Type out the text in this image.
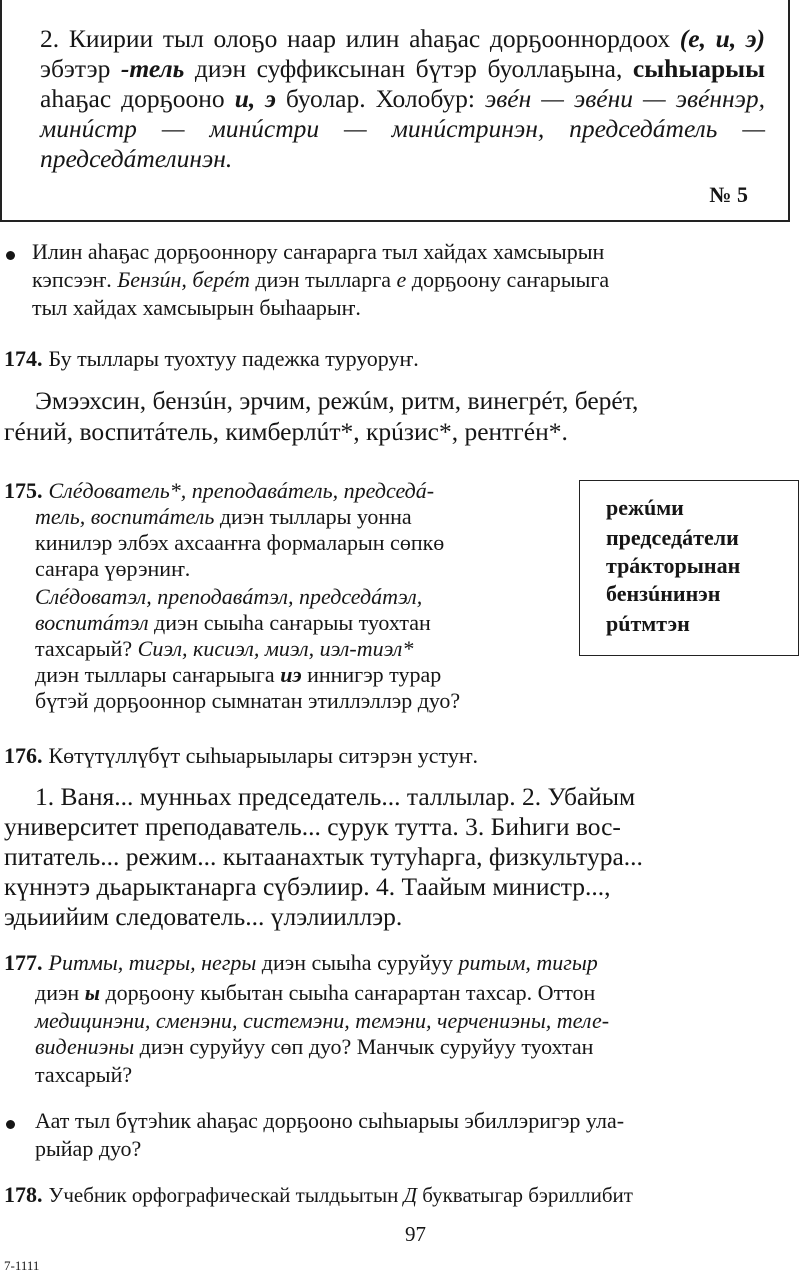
2. Киирии тыл олоҕо наар илин аһаҕас дорҕооннордоох (е, и, э) эбэтэр -тель диэн суффиксынан бүтэр буоллаҕына, сыһыарыы аһаҕас дорҕооно и, э буолар. Холобур: эвéн — эвéни — эвéннэр, минúстр — минúстри — минúстринэн, председáтель — председáтелинэн.
№ 5
Илин аһаҕас дорҕооннору саҥарарга тыл хайдах хамсыырын
кэпсээҥ. Бензúн, берéт диэн тылларга е дорҕоону саҥарыыга
тыл хайдах хамсыырын быһаарыҥ.
174. Бу тыллары туохтуу падежка туруоруҥ.
Эмээхсин, бензúн, эрчим, режúм, ритм, винегрéт, берéт,
гéний, воспитáтель, кимберлúт*, крúзис*, рентгéн*.
175. Слéдователь*, преподавáтель, председá-
тель, воспитáтель диэн тыллары уонна
кинилэр элбэх ахсааҥҥа формаларын сөпкө
саҥара үөрэниҥ.
Слéдоватэл, преподавáтэл, председáтэл,
воспитáтэл диэн сыыһа саҥарыы туохтан
тахсарый? Сиэл, кисиэл, миэл, иэл-тиэл*
диэн тыллары саҥарыыга иэ иннигэр турар
бүтэй дорҕооннор сымнатан этиллэллэр дуо?
режúми
председáтели
трáкторынан
бензúнинэн
рúтмтэн
176. Көтүтүллүбүт сыһыарыылары ситэрэн устуҥ.
1. Ваня... мунньах председатель... таллылар. 2. Убайым
университет преподаватель... сурук тутта. 3. Биһиги вос-
питатель... режим... кытаанахтык тутуһарга, физкультура...
күннэтэ дьарыктанарга сүбэлиир. 4. Таайым министр...,
эдьиийим следователь... үлэлииллэр.
177. Ритмы, тигры, негры диэн сыыһа суруйуу ритым, тигыр
диэн ы дорҕоону кыбытан сыыһа саҥарартан тахсар. Оттон
медицинэни, сменэни, системэни, темэни, черчениэны, теле-
видениэны диэн суруйуу сөп дуо? Манчык суруйуу туохтан
тахсарый?
Аат тыл бүтэһик аһаҕас дорҕооно сыһыарыы эбиллэригэр ула-
рыйар дуо?
178. Учебник орфографическай тылдьытын Д букватыгар бэриллибит
97
7-1111
